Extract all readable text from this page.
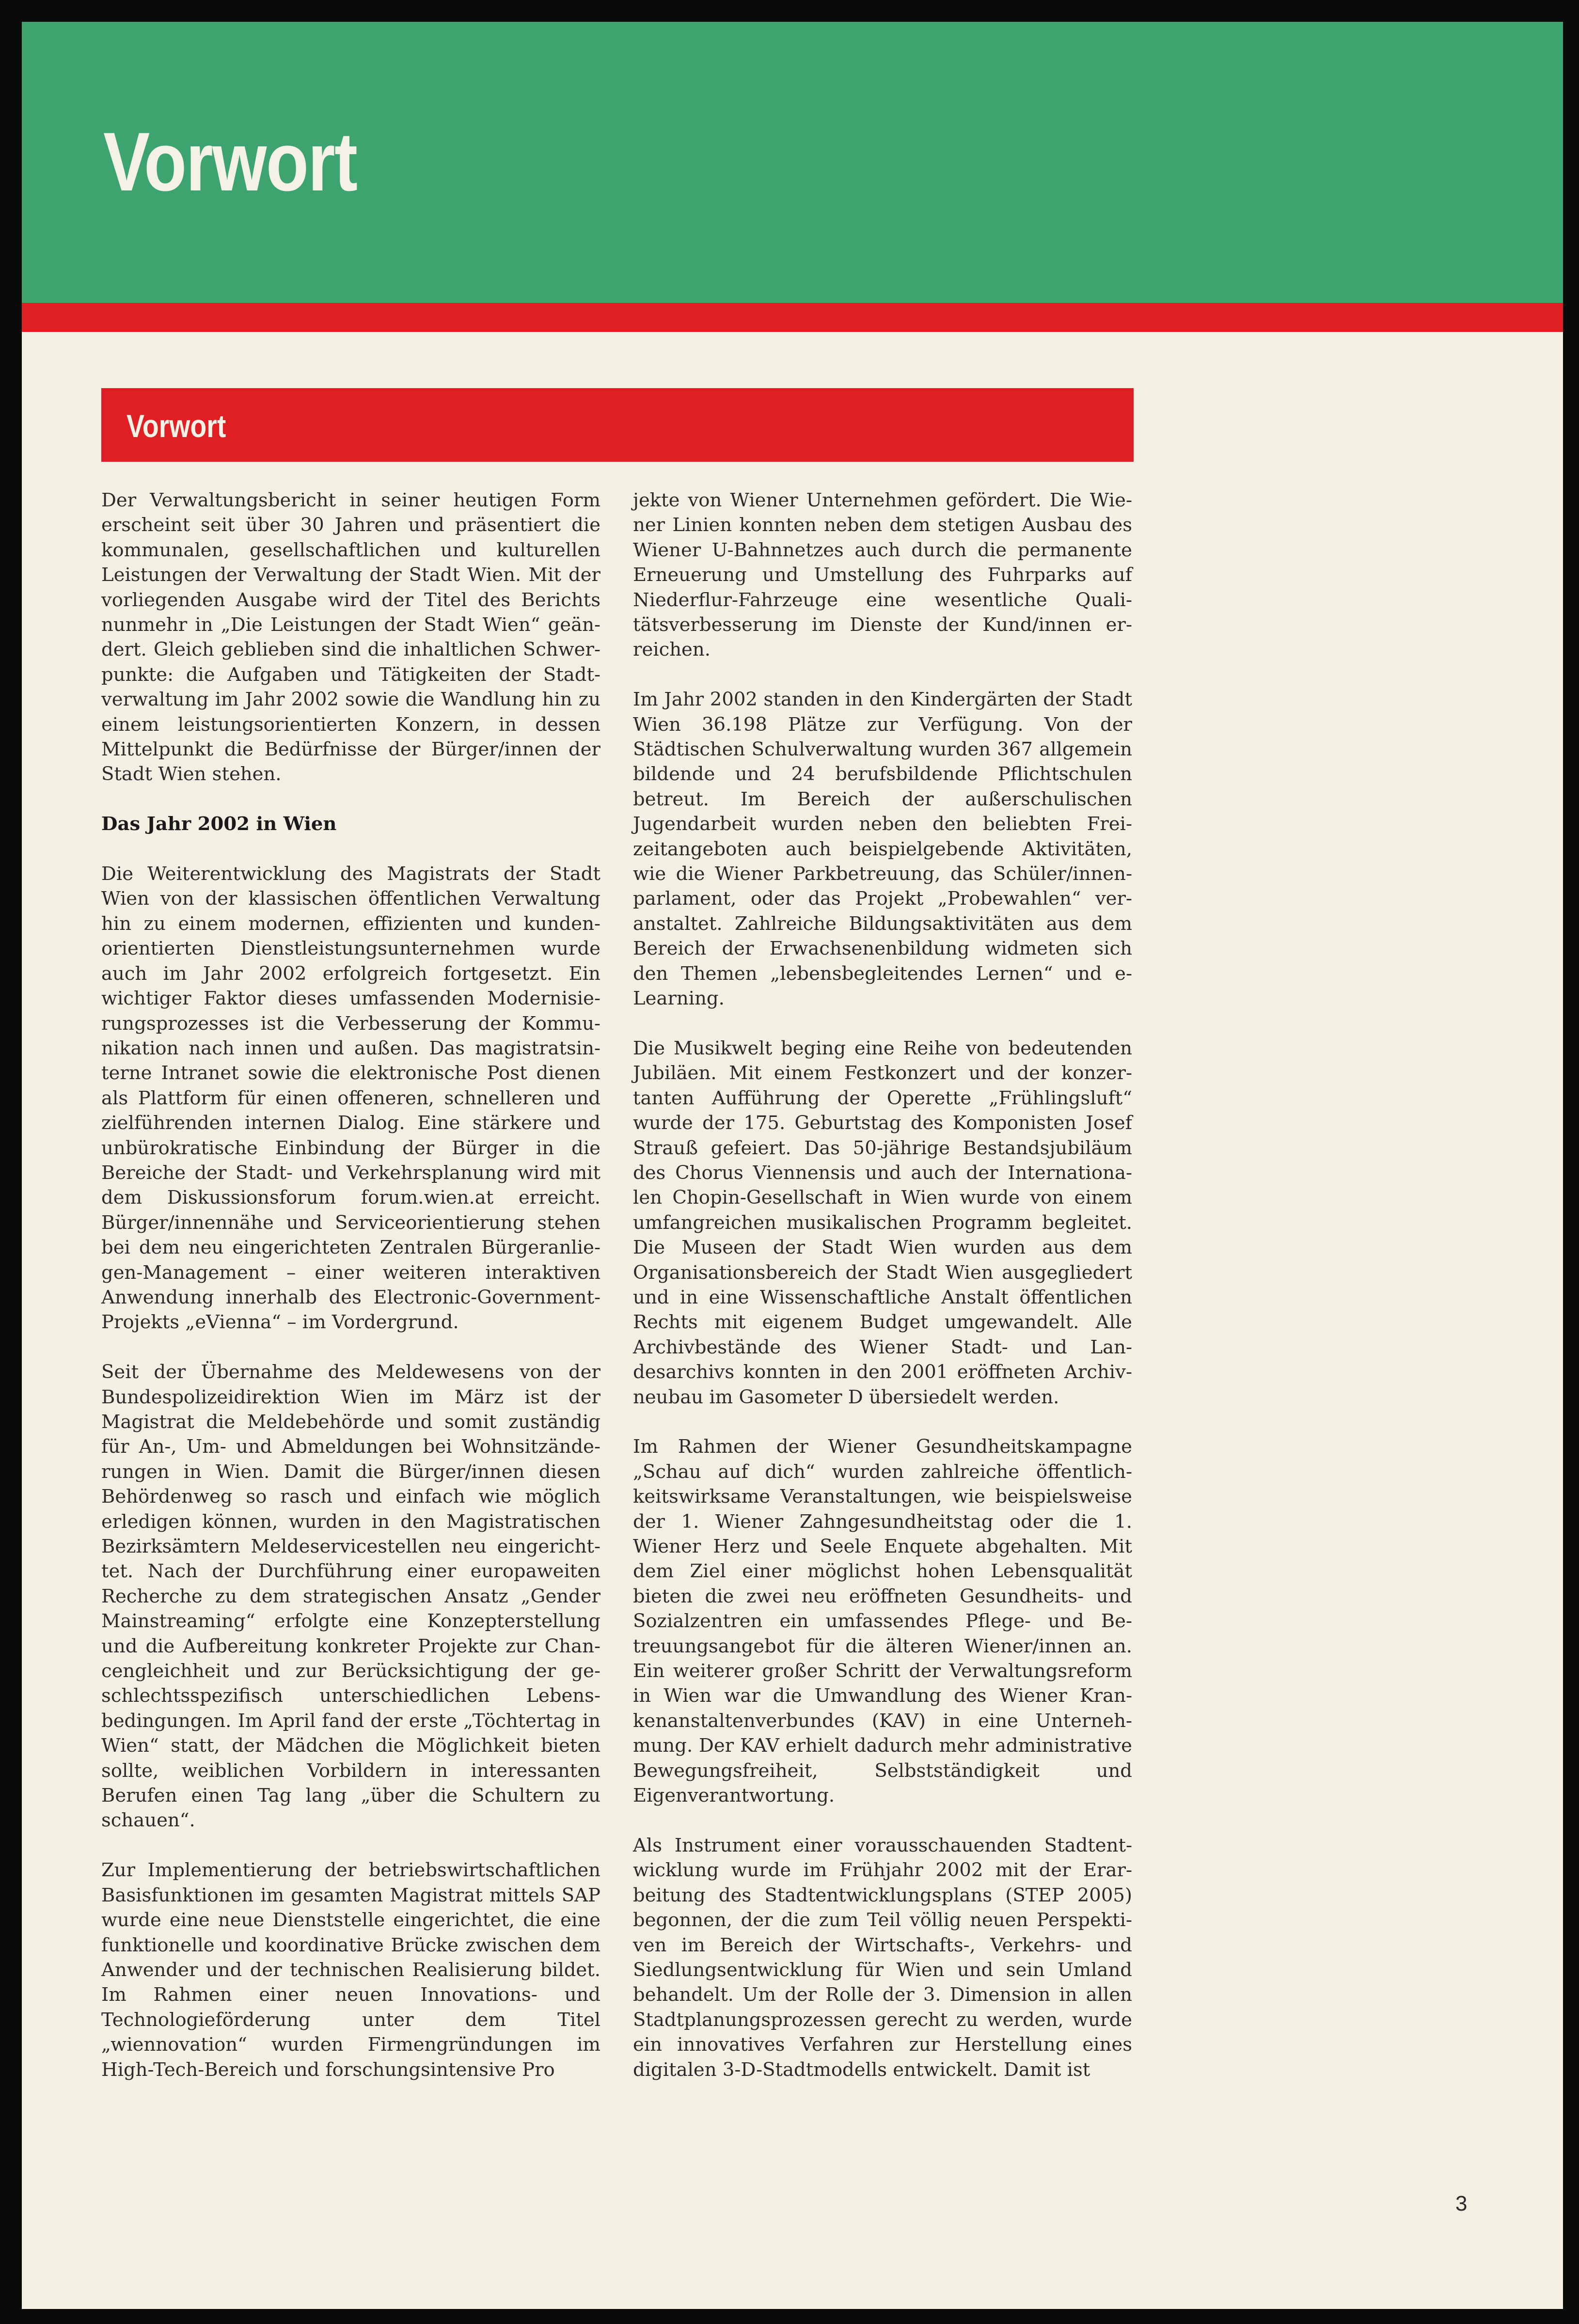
Vorwort
Vorwort

Der Verwaltungsbericht in seiner heutigen Form erscheint seit über 30 Jahren und präsentiert die kommunalen, gesellschaftlichen und kulturellen Leistungen der Verwaltung der Stadt Wien. Mit der vorliegenden Ausgabe wird der Titel des Berichts nunmehr in „Die Leistungen der Stadt Wien“ geändert. Gleich geblieben sind die inhaltlichen Schwerpunkte: die Aufgaben und Tätigkeiten der Stadtverwaltung im Jahr 2002 sowie die Wandlung hin zu einem leistungsorientierten Konzern, in dessen Mittelpunkt die Bedürfnisse der Bürger/innen der Stadt Wien stehen.

Das Jahr 2002 in Wien

Die Weiterentwicklung des Magistrats der Stadt Wien von der klassischen öffentlichen Verwaltung hin zu einem modernen, effizienten und kundenorientierten Dienstleistungsunternehmen wurde auch im Jahr 2002 erfolgreich fortgesetzt. Ein wichtiger Faktor dieses umfassenden Modernisierungsprozesses ist die Verbesserung der Kommunikation nach innen und außen. Das magistratsinterne Intranet sowie die elektronische Post dienen als Plattform für einen offeneren, schnelleren und zielführenden internen Dialog. Eine stärkere und unbürokratische Einbindung der Bürger in die Bereiche der Stadt- und Verkehrsplanung wird mit dem Diskussionsforum forum.wien.at erreicht. Bürger/innennähe und Serviceorientierung stehen bei dem neu eingerichteten Zentralen Bürgeranliegen-Management – einer weiteren interaktiven Anwendung innerhalb des Electronic-Government-Projekts „eVienna“ – im Vordergrund.

Seit der Übernahme des Meldewesens von der Bundespolizeidirektion Wien im März ist der Magistrat die Meldebehörde und somit zuständig für An-, Um- und Abmeldungen bei Wohnsitzänderungen in Wien. Damit die Bürger/innen diesen Behördenweg so rasch und einfach wie möglich erledigen können, wurden in den Magistratischen Bezirksämtern Meldeservicestellen neu eingerichttet. Nach der Durchführung einer europaweiten Recherche zu dem strategischen Ansatz „Gender Mainstreaming“ erfolgte eine Konzepterstellung und die Aufbereitung konkreter Projekte zur Chancengleichheit und zur Berücksichtigung der geschlechtsspezifisch unterschiedlichen Lebensbedingungen. Im April fand der erste „Töchtertag in Wien“ statt, der Mädchen die Möglichkeit bieten sollte, weiblichen Vorbildern in interessanten Berufen einen Tag lang „über die Schultern zu schauen“.

Zur Implementierung der betriebswirtschaftlichen Basisfunktionen im gesamten Magistrat mittels SAP wurde eine neue Dienststelle eingerichtet, die eine funktionelle und koordinative Brücke zwischen dem Anwender und der technischen Realisierung bildet. Im Rahmen einer neuen Innovations- und Technologieförderung unter dem Titel „wiennovation“ wurden Firmengründungen im High-Tech-Bereich und forschungsintensive Pro

jekte von Wiener Unternehmen gefördert. Die Wiener Linien konnten neben dem stetigen Ausbau des Wiener U-Bahnnetzes auch durch die permanente Erneuerung und Umstellung des Fuhrparks auf Niederflur-Fahrzeuge eine wesentliche Qualitätsverbesserung im Dienste der Kund/innen erreichen.

Im Jahr 2002 standen in den Kindergärten der Stadt Wien 36.198 Plätze zur Verfügung. Von der Städtischen Schulverwaltung wurden 367 allgemein bildende und 24 berufsbildende Pflichtschulen betreut. Im Bereich der außerschulischen Jugendarbeit wurden neben den beliebten Freizeitangeboten auch beispielgebende Aktivitäten, wie die Wiener Parkbetreuung, das Schüler/innenparlament, oder das Projekt „Probewahlen“ veranstaltet. Zahlreiche Bildungsaktivitäten aus dem Bereich der Erwachsenenbildung widmeten sich den Themen „lebensbegleitendes Lernen“ und e-Learning.

Die Musikwelt beging eine Reihe von bedeutenden Jubiläen. Mit einem Festkonzert und der konzertanten Aufführung der Operette „Frühlingsluft“ wurde der 175. Geburtstag des Komponisten Josef Strauß gefeiert. Das 50-jährige Bestandsjubiläum des Chorus Viennensis und auch der Internationalen Chopin-Gesellschaft in Wien wurde von einem umfangreichen musikalischen Programm begleitet. Die Museen der Stadt Wien wurden aus dem Organisationsbereich der Stadt Wien ausgegliedert und in eine Wissenschaftliche Anstalt öffentlichen Rechts mit eigenem Budget umgewandelt. Alle Archivbestände des Wiener Stadt- und Landesarchivs konnten in den 2001 eröffneten Archivneubau im Gasometer D übersiedelt werden.

Im Rahmen der Wiener Gesundheitskampagne „Schau auf dich“ wurden zahlreiche öffentlichkeitswirksame Veranstaltungen, wie beispielsweise der 1. Wiener Zahngesundheitstag oder die 1. Wiener Herz und Seele Enquete abgehalten. Mit dem Ziel einer möglichst hohen Lebensqualität bieten die zwei neu eröffneten Gesundheits- und Sozialzentren ein umfassendes Pflege- und Betreuungsangebot für die älteren Wiener/innen an. Ein weiterer großer Schritt der Verwaltungsreform in Wien war die Umwandlung des Wiener Krankenanstaltenverbundes (KAV) in eine Unternehmung. Der KAV erhielt dadurch mehr administrative Bewegungsfreiheit, Selbstständigkeit und Eigenverantwortung.

Als Instrument einer vorausschauenden Stadtentwicklung wurde im Frühjahr 2002 mit der Erarbeitung des Stadtentwicklungsplans (STEP 2005) begonnen, der die zum Teil völlig neuen Perspektiven im Bereich der Wirtschafts-, Verkehrs- und Siedlungsentwicklung für Wien und sein Umland behandelt. Um der Rolle der 3. Dimension in allen Stadtplanungsprozessen gerecht zu werden, wurde ein innovatives Verfahren zur Herstellung eines digitalen 3-D-Stadtmodells entwickelt. Damit ist

3
